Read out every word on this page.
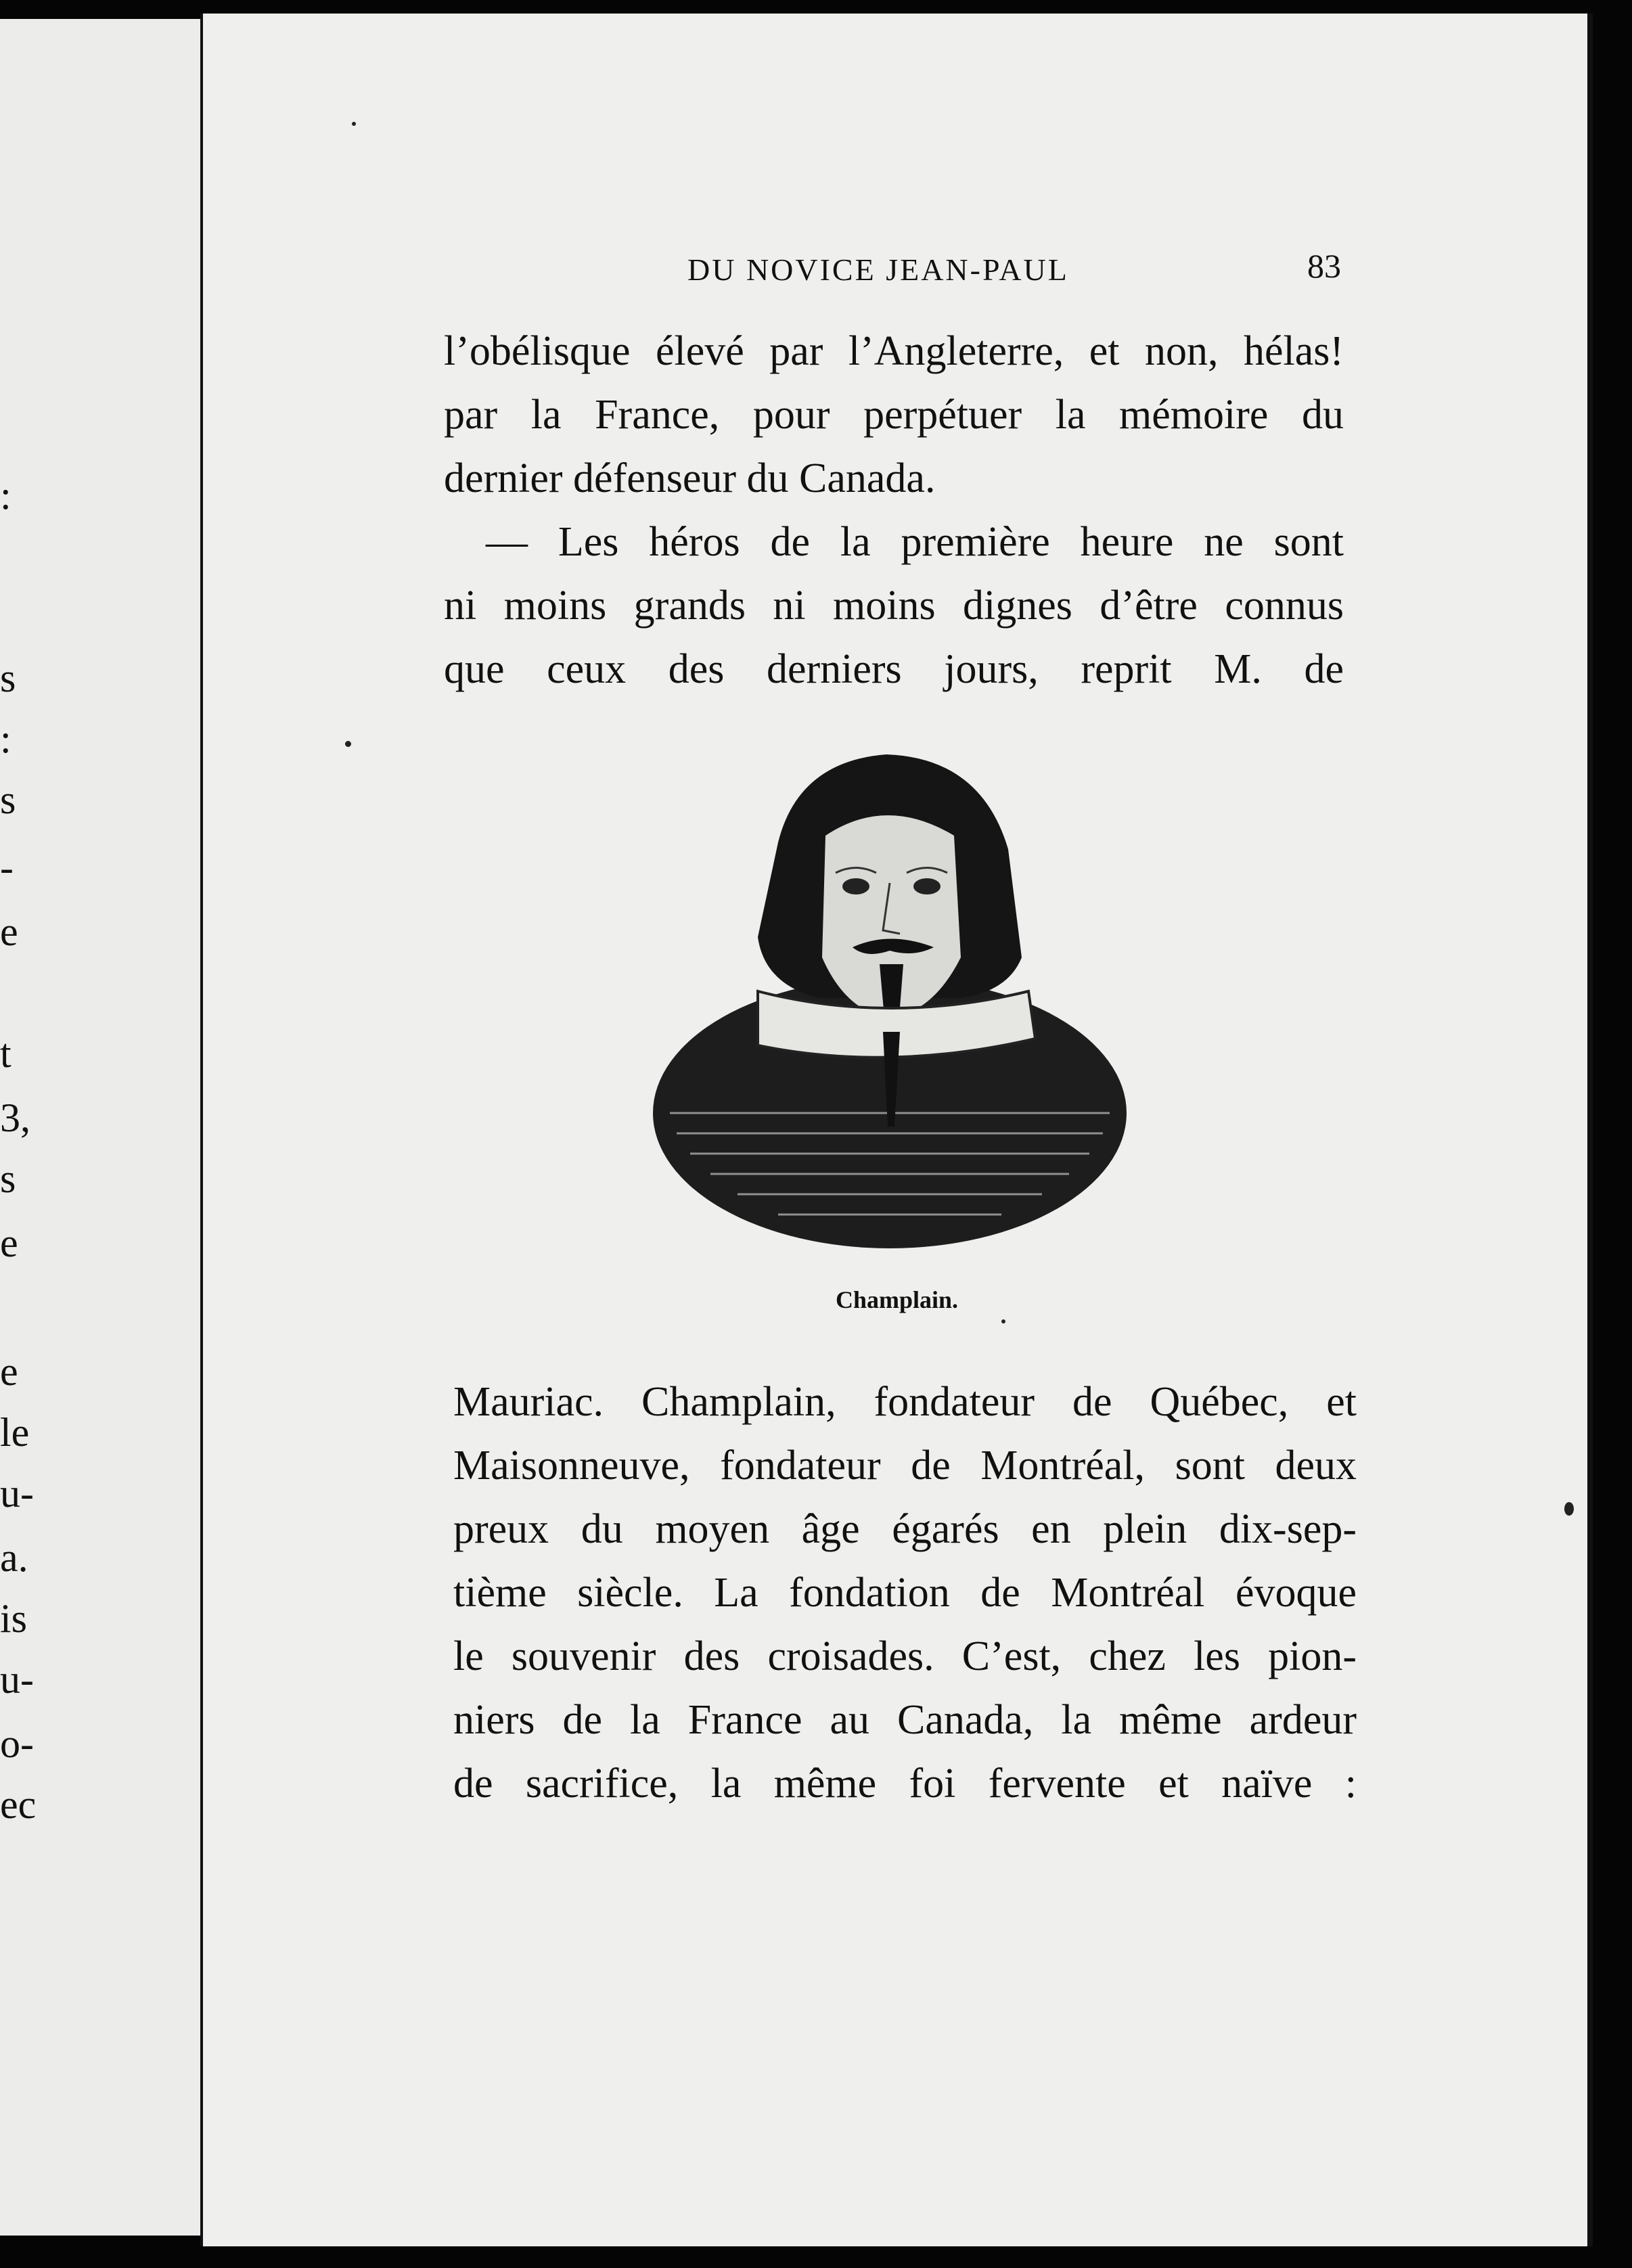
:
s
:
s
-
e
t
3,
s
e
e
le
u-
a.
is
u-
o-
ec
DU NOVICE JEAN-PAUL	83
l’obélisque élevé par l’Angleterre, et non, hélas!
par la France, pour perpétuer la mémoire du
dernier défenseur du Canada.
— Les héros de la première heure ne sont
ni moins grands ni moins dignes d’être connus
que ceux des derniers jours, reprit M. de
Champlain.
Mauriac. Champlain, fondateur de Québec, et
Maisonneuve, fondateur de Montréal, sont deux
preux du moyen âge égarés en plein dix-sep-
tième siècle. La fondation de Montréal évoque
le souvenir des croisades. C’est, chez les pion-
niers de la France au Canada, la même ardeur
de sacrifice, la même foi fervente et naïve :
